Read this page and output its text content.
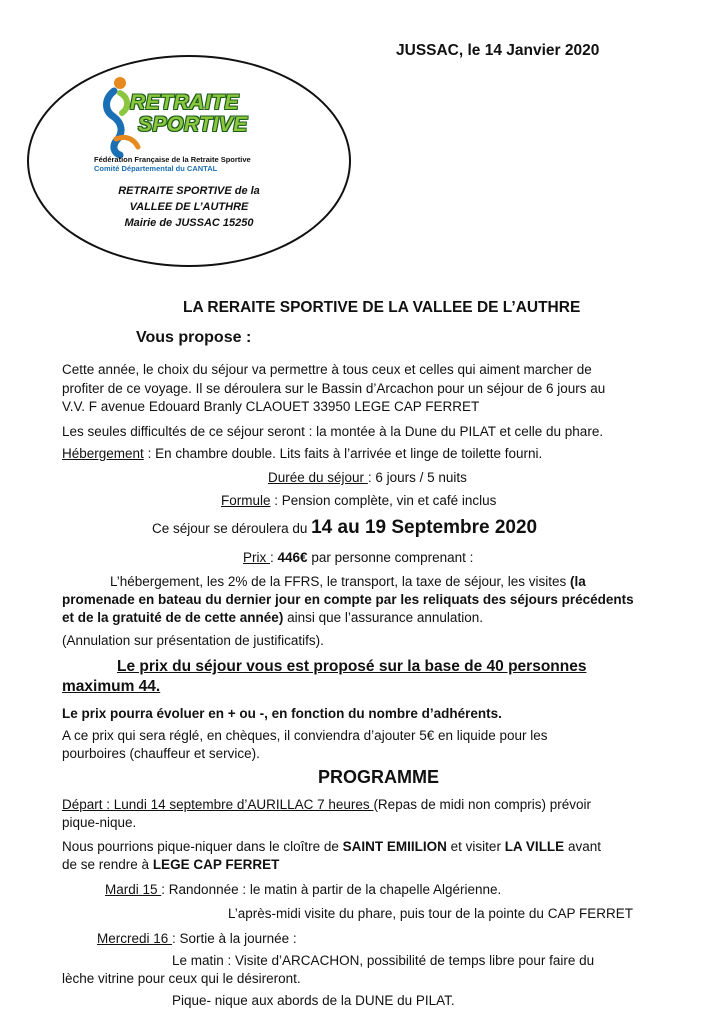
JUSSAC, le 14 Janvier 2020
RETRAITE
SPORTIVE
Fédération Française de la Retraite Sportive
Comité Départemental du CANTAL
RETRAITE SPORTIVE de la
VALLEE DE L’AUTHRE
Mairie de JUSSAC 15250
LA RERAITE SPORTIVE DE LA VALLEE DE L’AUTHRE
Vous propose :
Cette année, le choix du séjour va permettre à tous ceux et celles qui aiment marcher de
profiter de ce voyage. Il se déroulera sur le Bassin d’Arcachon pour un séjour de 6 jours au
V.V. F avenue Edouard Branly CLAOUET 33950 LEGE CAP FERRET
Les seules difficultés de ce séjour seront : la montée à la Dune du PILAT et celle du phare.
Hébergement : En chambre double. Lits faits à l’arrivée et linge de toilette fourni.
Durée du séjour : 6 jours / 5 nuits
Formule : Pension complète, vin et café inclus
Ce séjour se déroulera du 14 au 19 Septembre 2020
Prix : 446€ par personne comprenant :
L’hébergement, les 2% de la FFRS, le transport, la taxe de séjour, les visites (la
promenade en bateau du dernier jour en compte par les reliquats des séjours précédents
et de la gratuité de de cette année) ainsi que l’assurance annulation.
(Annulation sur présentation de justificatifs).
Le prix du séjour vous est proposé sur la base de 40 personnes
maximum 44.
Le prix pourra évoluer en + ou -, en fonction du nombre d’adhérents.
A ce prix qui sera réglé, en chèques, il conviendra d’ajouter 5€ en liquide pour les
pourboires (chauffeur et service).
PROGRAMME
Départ : Lundi 14 septembre d’AURILLAC 7 heures (Repas de midi non compris) prévoir
pique-nique.
Nous pourrions pique-niquer dans le cloître de SAINT EMIILION et visiter LA VILLE avant
de se rendre à LEGE CAP FERRET
Mardi 15 : Randonnée : le matin à partir de la chapelle Algérienne.
L’après-midi visite du phare, puis tour de la pointe du CAP FERRET
Mercredi 16 : Sortie à la journée :
Le matin : Visite d’ARCACHON, possibilité de temps libre pour faire du
lèche vitrine pour ceux qui le désireront.
Pique- nique aux abords de la DUNE du PILAT.
